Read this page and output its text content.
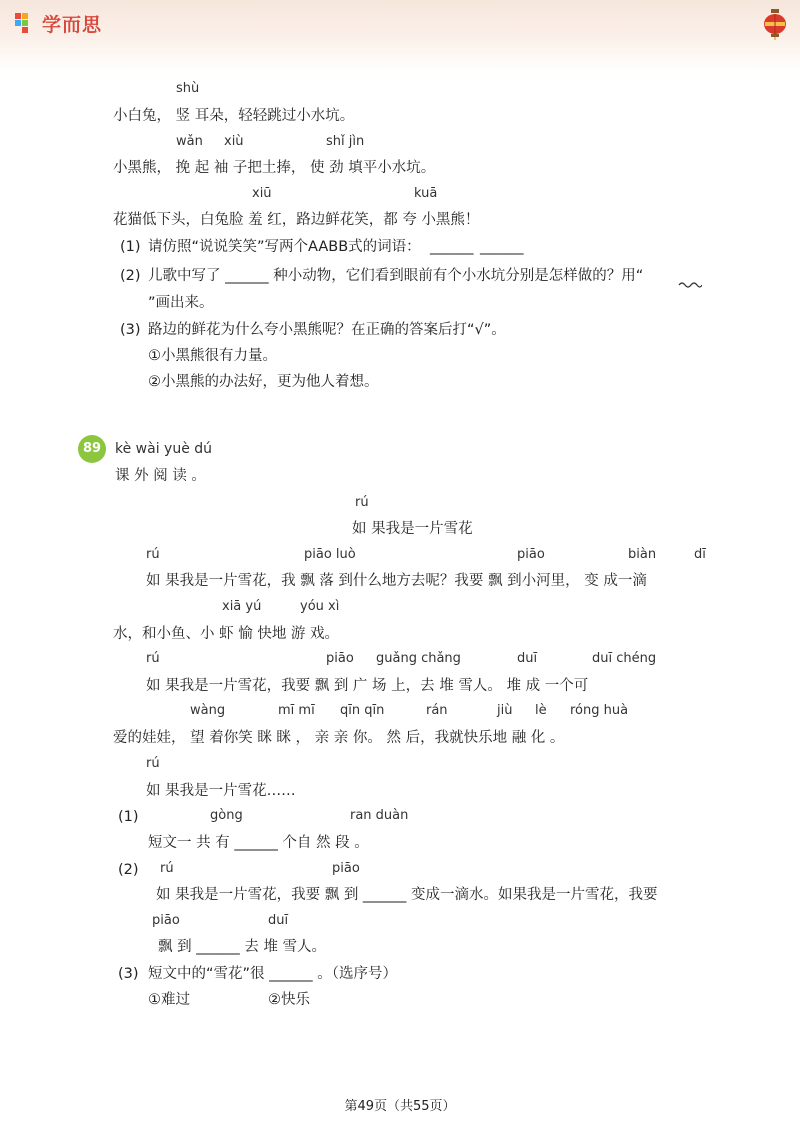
学而思
shù
小白兔， 竖 耳朵，轻轻跳过小水坑。
wǎn xiù	shǐ jìn
小黑熊， 挽 起 袖 子把土捧， 使 劲 填平小水坑。
xiū	kuā
花猫低下头，白兔脸 羞 红，路边鲜花笑，都 夸 小黑熊！
(1) 请仿照“说说笑笑”写两个AABB式的词语： ______ ______
(2) 儿歌中写了 ______ 种小动物，它们看到眼前有个小水坑分别是怎样做的？用“
”画出来。
(3) 路边的鲜花为什么夸小黑熊呢？在正确的答案后打“√”。
①小黑熊很有力量。
②小黑熊的办法好，更为他人着想。
89 kè wài yuè dú
课 外 阅 读 。
rú
如 果我是一片雪花
rú	piāo luò	piāo	biàn	dī
如 果我是一片雪花，我 飘 落 到什么地方去呢？我要 飘 到小河里， 变 成一滴
xiā yú	yóu xì
水，和小鱼、小 虾 愉 快地 游 戏。
rú	piāo guǎng chǎng	duī	duī chéng
如 果我是一片雪花，我要 飘 到 广 场 上，去 堆 雪人。 堆 成 一个可
wàng	mī mī qīn qīn	rán	jiù lè róng huà
爱的娃娃， 望 着你笑 眯 眯 ， 亲 亲 你。 然 后，我就快乐地 融 化 。
rú
如 果我是一片雪花……
(1)	gòng	ran duàn
短文一 共 有 ______ 个自 然 段 。
(2) rú	piāo
如 果我是一片雪花，我要 飘 到 ______ 变成一滴水。如果我是一片雪花，我要
piāo	duī
飘 到 ______ 去 堆 雪人。
(3) 短文中的“雪花”很 ______ 。（选序号）
①难过	②快乐
第49页（共55页）
